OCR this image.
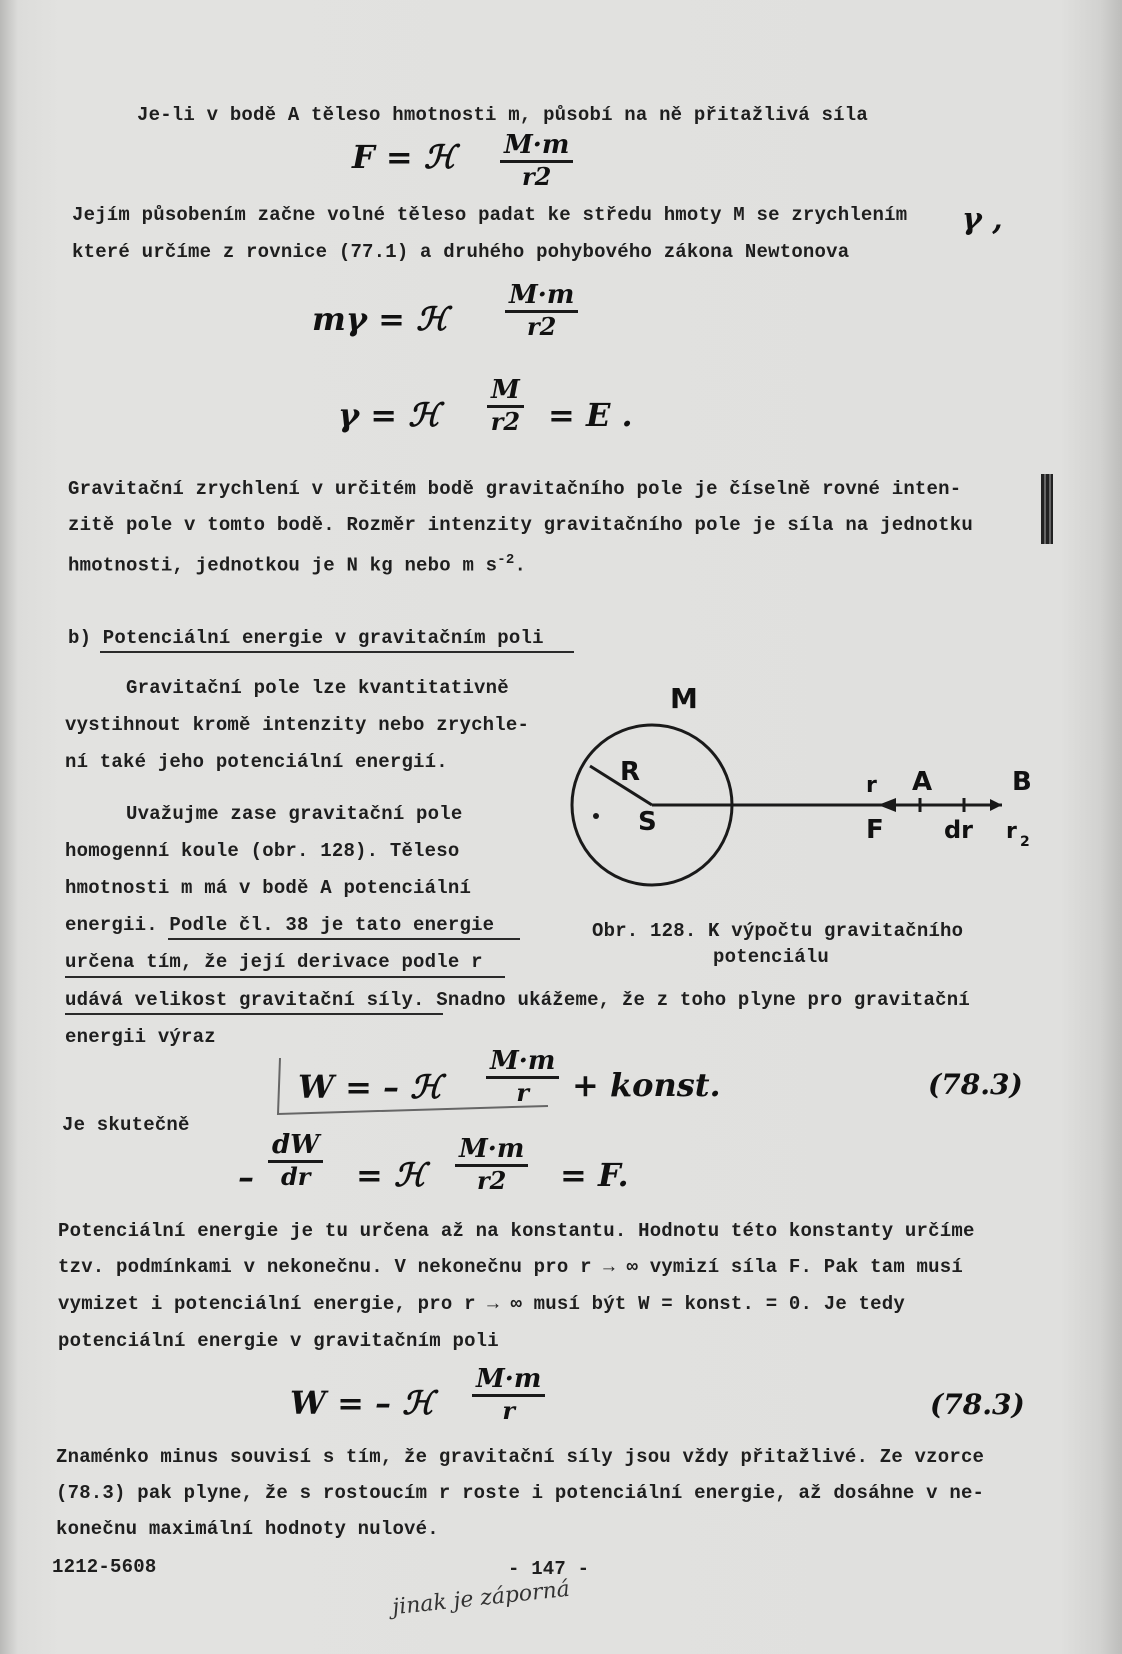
Je-li v bodě A těleso hmotnosti m, působí na ně přitažlivá síla
F = ℋ M·m
r2
Jejím působením začne volné těleso padat ke středu hmoty M se zrychlením γ ,
které určíme z rovnice (77.1) a druhého pohybového zákona Newtonova
mγ = ℋ
M·m
r2
γ = ℋ
M
r2 = E .
Gravitační zrychlení v určitém bodě gravitačního pole je číselně rovné inten-
zitě pole v tomto bodě. Rozměr intenzity gravitačního pole je síla na jednotku
hmotnosti, jednotkou je N kg nebo m $s^{-2}$.
b) Potenciální energie v gravitačním poli
Gravitační pole lze kvantitativně
vystihnout kromě intenzity nebo zrychle-
ní také jeho potenciální energií.
Uvažujme zase gravitační pole
homogenní koule (obr. 128). Těleso
hmotnosti m má v bodě A potenciální
energii. Podle čl. 38 je tato energie
určena tím, že její derivace podle r
udává velikost gravitační síly. Snadno ukážeme, že z toho plyne pro gravitační
energii výraz
M
R
S
r A	B
F	dr r 2
Obr. 128. K výpočtu gravitačního
potenciálu
W = – ℋ
M·m
r + konst.	(78.3)
Je skutečně
–
dW
dr = ℋ
M·m
r2 = F.
Potenciální energie je tu určena až na konstantu. Hodnotu této konstanty určíme
tzv. podmínkami v nekonečnu. V nekonečnu pro r → ∞ vymizí síla F. Pak tam musí
vymizet i potenciální energie, pro r → ∞ musí být W = konst. = 0. Je tedy
potenciální energie v gravitačním poli
W = – ℋ
M·m
r	(78.3)
Znaménko minus souvisí s tím, že gravitační síly jsou vždy přitažlivé. Ze vzorce
(78.3) pak plyne, že s rostoucím r roste i potenciální energie, až dosáhne v ne-
konečnu maximální hodnoty nulové.
1212-5608	- 147 -
jinak je záporná
